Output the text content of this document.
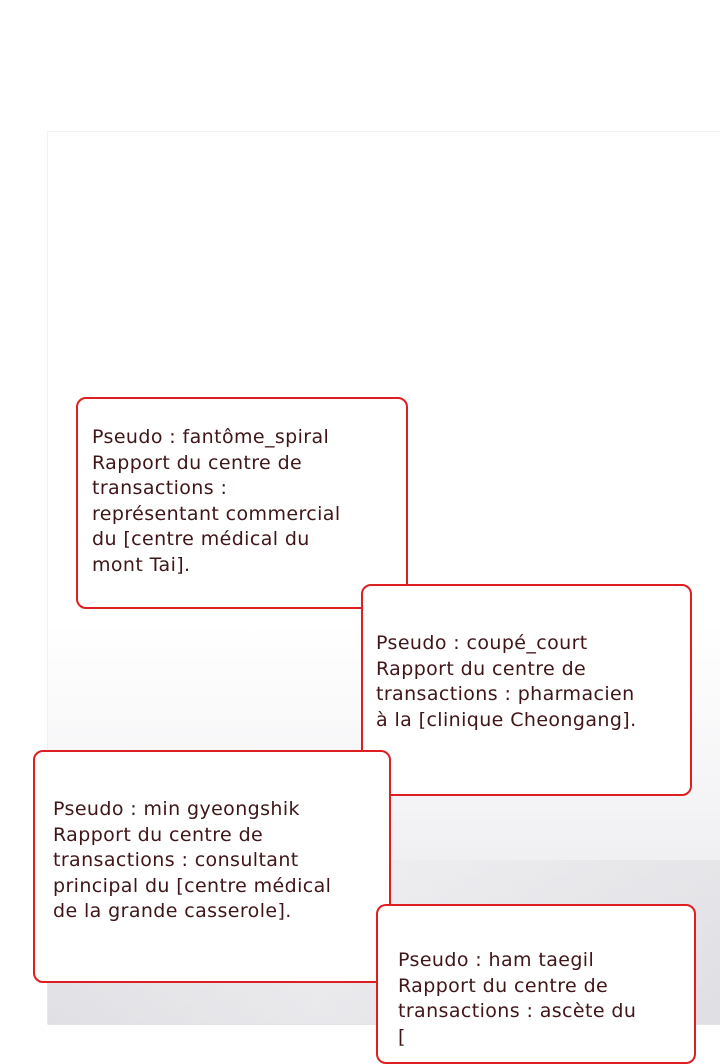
Pseudo : fantôme_spiral

Rapport du centre de
transactions :
représentant commercial
du [centre médical du
mont Tai].

Pseudo : coupé_court

Rapport du centre de
transactions : pharmacien
à la [clinique Cheongang].

Pseudo : min gyeongshik

Rapport du centre de
transactions : consultant
principal du [centre médical
de la grande casserole].

Pseudo : ham taegil

Rapport du centre de
transactions : ascète du
[
